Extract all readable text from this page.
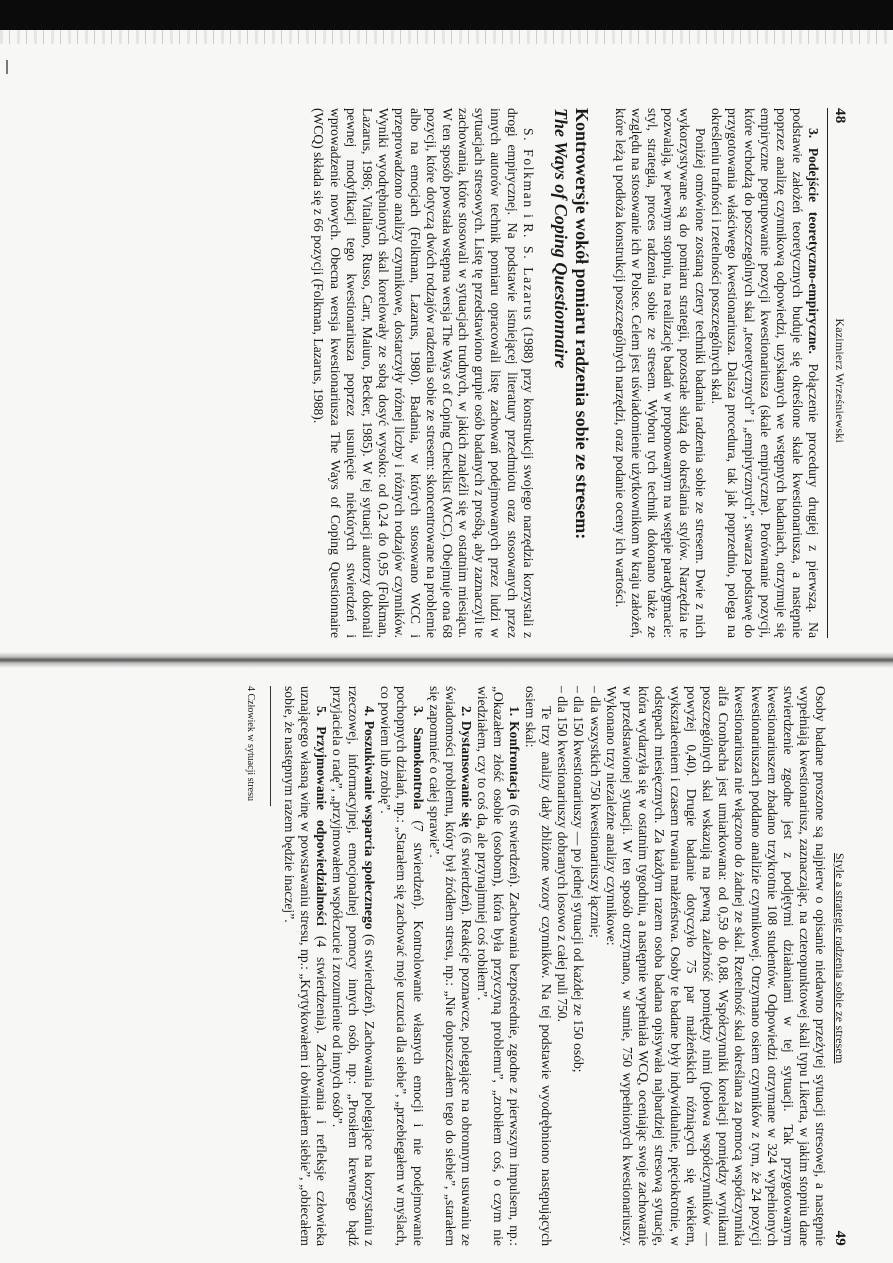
48
Kazimierz Wrześniewski

3. Podejście teoretyczno-empiryczne. Połączenie procedury drugiej z pierwszą. Na podstawie założeń teoretycznych buduje się określone skale kwestionariusza, a następnie poprzez analizę czynnikową odpowiedzi, uzyskanych we wstępnych badaniach, otrzymuje się empiryczne pogrupowanie pozycji kwestionariusza (skale empiryczne). Porównanie pozycji, które wchodzą do poszczególnych skal „teoretycznych” i „empirycznych”, stwarza podstawę do przygotowania właściwego kwestionariusza. Dalsza procedura, tak jak poprzednio, polega na określeniu trafności i rzetelności poszczególnych skal.

Poniżej omówione zostaną cztery techniki badania radzenia sobie ze stresem. Dwie z nich wykorzystywane są do pomiaru strategii, pozostałe służą do określania stylów. Narzędzia te pozwalają, w pewnym stopniu, na realizację badań w proponowanym na wstępie paradygmacie: styl, strategia, proces radzenia sobie ze stresem. Wyboru tych technik dokonano także ze względu na stosowanie ich w Polsce. Celem jest uświadomienie użytkownikom w kraju założeń, które leżą u podłoża konstrukcji poszczególnych narzędzi, oraz podanie oceny ich wartości.

Kontrowersje wokół pomiaru radzenia sobie ze stresem:
The Ways of Coping Questionnaire

S. Folkman i R. S. Lazarus (1988) przy konstrukcji swojego narzędzia korzystali z drogi empirycznej. Na podstawie istniejącej literatury przedmiotu oraz stosowanych przez innych autorów technik pomiaru opracowali listę zachowań podejmowanych przez ludzi w sytuacjach stresowych. Listę tę przedstawiono grupie osób badanych z prośbą, aby zaznaczyli te zachowania, które stosowali w sytuacjach trudnych, w jakich znaleźli się w ostatnim miesiącu. W ten sposób powstała wstępna wersja The Ways of Coping Checklist (WCC). Obejmuje ona 68 pozycji, które dotyczą dwóch rodzajów radzenia sobie ze stresem: skoncentrowane na problemie albo na emocjach (Folkman, Lazarus, 1980). Badania, w których stosowano WCC i przeprowadzono analizy czynnikowe, dostarczyły różnej liczby i różnych rodzajów czynników. Wyniki wyodrębnionych skal korelowały ze sobą dosyć wysoko: od 0,24 do 0,95 (Folkman, Lazarus, 1986; Vitaliano, Russo, Carr, Maiuro, Becker, 1985). W tej sytuacji autorzy dokonali pewnej modyfikacji tego kwestionariusza poprzez usunięcie niektórych stwierdzeń i wprowadzenie nowych. Obecna wersja kwestionariusza The Ways of Coping Questionnaire (WCQ) składa się z 66 pozycji (Folkman, Lazarus, 1988).

Style a strategie radzenia sobie ze stresem
49

Osoby badane proszone są najpierw o opisanie niedawno przeżytej sytuacji stresowej, a następnie wypełniają kwestionariusz, zaznaczając, na czteropunktowej skali typu Likerta, w jakim stopniu dane stwierdzenie zgodne jest z podjętymi działaniami w tej sytuacji. Tak przygotowanym kwestionariuszem zbadano trzykrotnie 108 studentów. Odpowiedzi otrzymane w 324 wypełnionych kwestionariuszach poddano analizie czynnikowej. Otrzymano osiem czynników z tym, że 24 pozycji kwestionariusza nie włączono do żadnej ze skal. Rzetelność skal określana za pomocą współczynnika alfa Cronbacha jest umiarkowana: od 0,59 do 0,88. Współczynniki korelacji pomiędzy wynikami poszczególnych skal wskazują na pewną zależność pomiędzy nimi (połowa współczynników — powyżej 0,40). Drugie badanie dotyczyło 75 par małżeńskich różniących się wiekiem, wykształceniem i czasem trwania małżeństwa. Osoby te badane były indywidualnie, pięciokrotnie, w odstępach miesięcznych. Za każdym razem osoba badana opisywała najbardziej stresową sytuację, która wydarzyła się w ostatnim tygodniu, a następnie wypełniała WCQ, oceniając swoje zachowanie w przedstawionej sytuacji. W ten sposób otrzymano, w sumie, 750 wypełnionych kwestionariuszy. Wykonano trzy niezależne analizy czynnikowe:

– dla wszystkich 750 kwestionariuszy łącznie;
– dla 150 kwestionariuszy — po jednej sytuacji od każdej ze 150 osób;
– dla 150 kwestionariuszy dobranych losowo z całej puli 750.

Te trzy analizy dały zbliżone wzory czynników. Na tej podstawie wyodrębniono następujących osiem skal:

1. Konfrontacja (6 stwierdzeń). Zachowania bezpośrednie, zgodne z pierwszym impulsem, np.: „Okazałem złość osobie (osobom), która była przyczyną problemu”, „zrobiłem coś, o czym nie wiedziałem, czy to coś da, ale przynajmniej coś robiłem”.

2. Dystansowanie się (6 stwierdzeń). Reakcje poznawcze, polegające na obronnym usuwaniu ze świadomości problemu, który był źródłem stresu, np.: „Nie dopuszczałem tego do siebie”, „starałem się zapomnieć o całej sprawie”.

3. Samokontrola (7 stwierdzeń). Kontrolowanie własnych emocji i nie podejmowanie pochopnych działań, np.: „Starałem się zachować moje uczucia dla siebie”, „przebiegałem w myślach, co powiem lub zrobię”.

4. Poszukiwanie wsparcia społecznego (6 stwierdzeń). Zachowania polegające na korzystaniu z rzeczowej, informacyjnej, emocjonalnej pomocy innych osób, np.: „Prosiłem krewnego bądź przyjaciela o radę”, „przyjmowałem współczucie i zrozumienie od innych osób”.

5. Przyjmowanie odpowiedzialności (4 stwierdzenia). Zachowania i refleksje człowieka uznającego własną winę w powstawaniu stresu, np.: „Krytykowałem i obwiniałem siebie”, „obiecałem sobie, że następnym razem będzie inaczej”.

4 Człowiek w sytuacji stresu
